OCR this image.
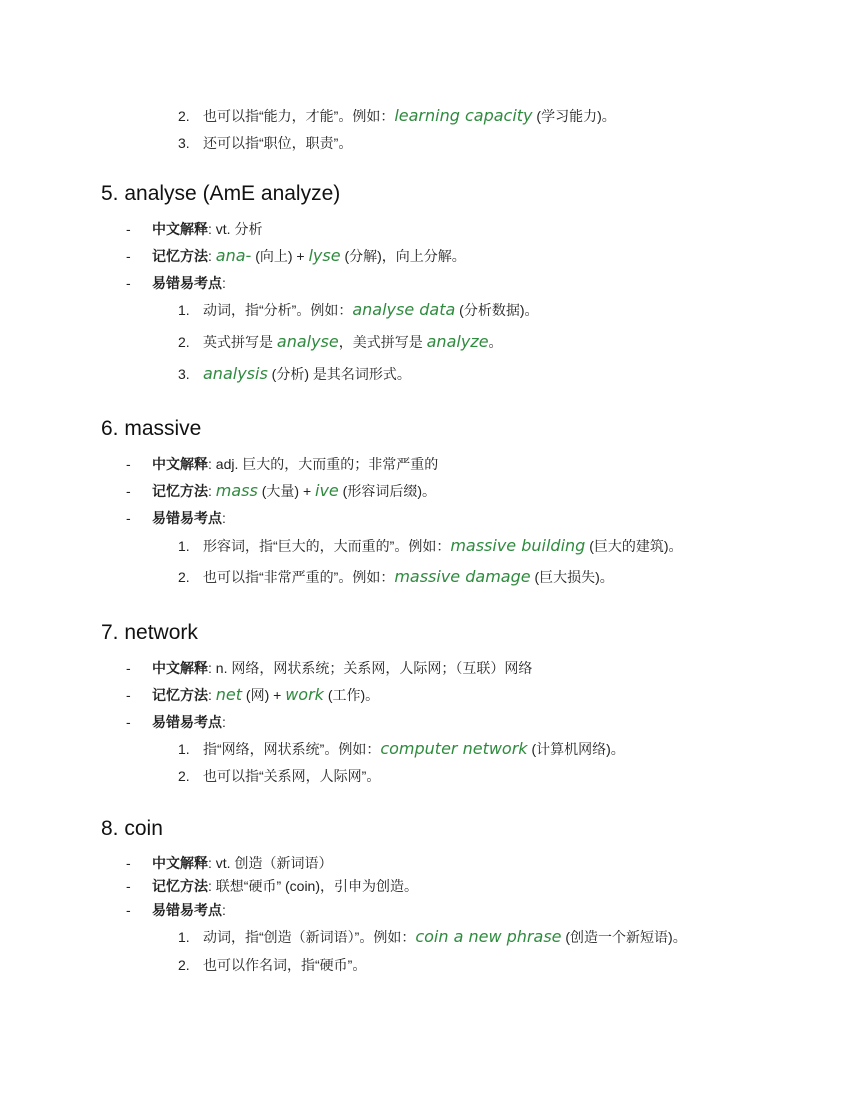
2. 也可以指“能力，才能”。例如：learning capacity (学习能力)。
3. 还可以指“职位，职责”。
5. analyse (AmE analyze)
- 中文解释: vt. 分析
- 记忆方法: ana- (向上) + lyse (分解)，向上分解。
- 易错易考点:
1. 动词，指“分析”。例如：analyse data (分析数据)。
2. 英式拼写是 analyse，美式拼写是 analyze。
3. analysis (分析) 是其名词形式。
6. massive
- 中文解释: adj. 巨大的，大而重的；非常严重的
- 记忆方法: mass (大量) + ive (形容词后缀)。
- 易错易考点:
1. 形容词，指“巨大的，大而重的”。例如：massive building (巨大的建筑)。
2. 也可以指“非常严重的”。例如：massive damage (巨大损失)。
7. network
- 中文解释: n. 网络，网状系统；关系网，人际网；（互联）网络
- 记忆方法: net (网) + work (工作)。
- 易错易考点:
1. 指“网络，网状系统”。例如：computer network (计算机网络)。
2. 也可以指“关系网，人际网”。
8. coin
- 中文解释: vt. 创造（新词语）
- 记忆方法: 联想“硬币” (coin)，引申为创造。
- 易错易考点:
1. 动词，指“创造（新词语）”。例如：coin a new phrase (创造一个新短语)。
2. 也可以作名词，指“硬币”。
